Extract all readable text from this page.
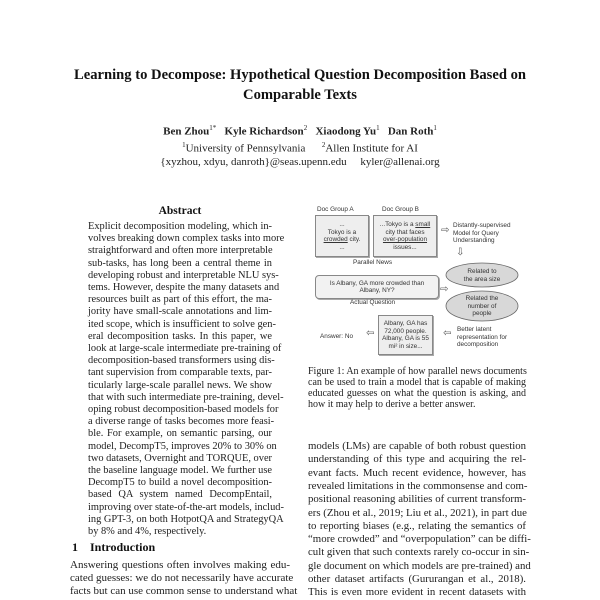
Learning to Decompose: Hypothetical Question Decomposition Based on
Comparable Texts
Ben Zhou$^{1*}$ Kyle Richardson$^2$ Xiaodong Yu$^1$ Dan Roth$^1$
$^1$University of Pennsylvania $^2$Allen Institute for AI
{xyzhou, xdyu, danroth}@seas.upenn.edu kyler@allenai.org
Abstract
Explicit decomposition modeling, which in-
volves breaking down complex tasks into more
straightforward and often more interpretable
sub-tasks, has long been a central theme in
developing robust and interpretable NLU sys-
tems. However, despite the many datasets and
resources built as part of this effort, the ma-
jority have small-scale annotations and lim-
ited scope, which is insufficient to solve gen-
eral decomposition tasks. In this paper, we
look at large-scale intermediate pre-training of
decomposition-based transformers using dis-
tant supervision from comparable texts, par-
ticularly large-scale parallel news. We show
that with such intermediate pre-training, devel-
oping robust decomposition-based models for
a diverse range of tasks becomes more feasi-
ble. For example, on semantic parsing, our
model, DecompT5, improves 20% to 30% on
two datasets, Overnight and TORQUE, over
the baseline language model. We further use
DecompT5 to build a novel decomposition-
based QA system named DecompEntail,
improving over state-of-the-art models, includ-
ing GPT-3, on both HotpotQA and StrategyQA
by 8% and 4%, respectively.
1 Introduction
Answering questions often involves making edu-
cated guesses: we do not necessarily have accurate
facts but can use common sense to understand what
Doc Group A	Doc Group B
...
Tokyo is a
crowded city.
...
...Tokyo is a small
city that faces
over-population
issues...
Parallel News
⇨ Distantly-supervised
Model for Query
Understanding
⇩
Related to
the area size
Related the
number of
people
Is Albany, GA more crowded than
Albany, NY?
Actual Question
⇨
Albany, GA has
72,000 people.
Albany, GA is 55
mi² in size...
Answer: No ⇦	⇦ Better latent
representation for
decomposition
Figure 1: An example of how parallel news documents
can be used to train a model that is capable of making
educated guesses on what the question is asking, and
how it may help to derive a better answer.
models (LMs) are capable of both robust question
understanding of this type and acquiring the rel-
evant facts. Much recent evidence, however, has
revealed limitations in the commonsense and com-
positional reasoning abilities of current transform-
ers (Zhou et al., 2019; Liu et al., 2021), in part due
to reporting biases (e.g., relating the semantics of
“more crowded” and “overpopulation” can be diffi-
cult given that such contexts rarely co-occur in sin-
gle document on which models are pre-trained) and
other dataset artifacts (Gururangan et al., 2018).
This is even more evident in recent datasets with
